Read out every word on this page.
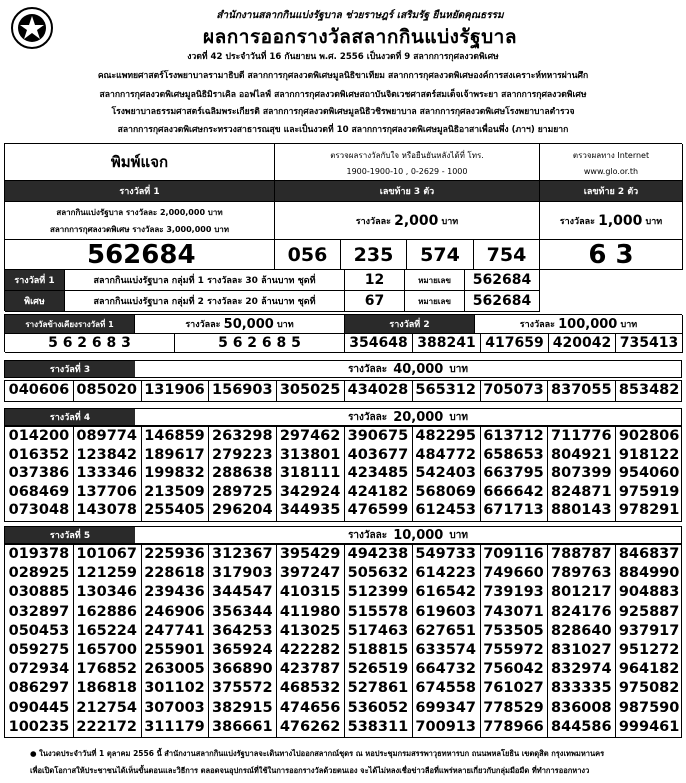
สำนักงานสลากกินแบ่งรัฐบาล ช่วยราษฎร์ เสริมรัฐ ยืนหยัดคุณธรรม
ผลการออกรางวัลสลากกินแบ่งรัฐบาล
งวดที่ 42 ประจำวันที่ 16 กันยายน พ.ศ. 2556 เป็นงวดที่ 9 สลากการกุศลงวดพิเศษ
คณะแพทยศาสตร์โรงพยาบาลรามาธิบดี สลากการกุศลงวดพิเศษมูลนิธิขาเทียม สลากการกุศลงวดพิเศษองค์การสงเคราะห์ทหารผ่านศึก
สลากการกุศลงวดพิเศษมูลนิธิมิราเคิล ออฟไลฟ์ สลากการกุศลงวดพิเศษสถาบันจิตเวชศาสตร์สมเด็จเจ้าพระยา สลากการกุศลงวดพิเศษ
โรงพยาบาลธรรมศาสตร์เฉลิมพระเกียรติ สลากการกุศลงวดพิเศษมูลนิธิวชิรพยาบาล สลากการกุศลงวดพิเศษโรงพยาบาลตำรวจ
สลากการกุศลงวดพิเศษกระทรวงสาธารณสุข และเป็นงวดที่ 10 สลากการกุศลงวดพิเศษมูลนิธิอาสาเพื่อนพึ่ง (ภาฯ) ยามยาก
พิมพ์แจก	ตรวจผลรางวัลกับใจ หรือยืนยันหลังได้ที่ โทร.
1900-1900-10 , 0-2629 - 1000
ตรวจผลทาง Internet
www.glo.or.th
รางวัลที่ 1	เลขท้าย 3 ตัว	เลขท้าย 2 ตัว
สลากกินแบ่งรัฐบาล รางวัลละ 2,000,000 บาท
สลากการกุศลงวดพิเศษ รางวัลละ 3,000,000 บาท
รางวัลละ
2,000
บาท	รางวัลละ
1,000
บาท
562684	056	235	574	754	6 3
รางวัลที่ 1
พิเศษ
สลากกินแบ่งรัฐบาล กลุ่มที่ 1 รางวัลละ 30 ล้านบาท ชุดที่	12	หมายเลข	562684
สลากกินแบ่งรัฐบาล กลุ่มที่ 2 รางวัลละ 20 ล้านบาท ชุดที่	67	หมายเลข	562684
รางวัลข้างเคียงรางวัลที่ 1	รางวัลละ
50,000
บาท	รางวัลที่ 2	รางวัลละ
100,000
บาท
5 6 2 6 8 3	5 6 2 6 8 5	354648 388241 417659 420042 735413
รางวัลที่ 3	รางวัลละ 40,000 บาท
040606 085020 131906 156903 305025 434028 565312 705073 837055 853482
รางวัลที่ 4	รางวัลละ 20,000 บาท
014200 089774 146859 263298 297462 390675 482295 613712 711776 902806
016352 123842 189617 279223 313801 403677 484772 658653 804921 918122
037386 133346 199832 288638 318111 423485 542403 663795 807399 954060
068469 137706 213509 289725 342924 424182 568069 666642 824871 975919
073048 143078 255405 296204 344935 476599 612453 671713 880143 978291
รางวัลที่ 5	รางวัลละ 10,000 บาท
019378 101067 225936 312367 395429 494238 549733 709116 788787 846837
028925 121259 228618 317903 397247 505632 614223 749660 789763 884990
030885 130346 239436 344547 410315 512399 616542 739193 801217 904883
032897 162886 246906 356344 411980 515578 619603 743071 824176 925887
050453 165224 247741 364253 413025 517463 627651 753505 828640 937917
059275 165700 255901 365924 422282 518815 633574 755972 831027 951272
072934 176852 263005 366890 423787 526519 664732 756042 832974 964182
086297 186818 301102 375572 468532 527861 674558 761027 833335 975082
090445 212754 307003 382915 474656 536052 699347 778529 836008 987590
100235 222172 311179 386661 476262 538311 700913 778966 844586 999461
● ในงวดประจำวันที่ 1 ตุลาคม 2556 นี้ สำนักงานสลากกินแบ่งรัฐบาลจะเดินทางไปออกสลากณ์ชุดร ณ หอประชุมกรมสรรพาวุธทหารบก ถนนพหลโยธิน เขตดุสิต กรุงเทพมหานคร
เพื่อเปิดโอกาสให้ประชาชนได้เห็นขั้นตอนและวิธีการ ตลอดจนอุปกรณ์ที่ใช้ในการออกรางวัลด้วยตนเอง จะได้ไม่หลงเชื่อข่าวลือที่แพร่หลายเกี่ยวกับกลุ่มมือมืด ที่ทำการออกหางว
